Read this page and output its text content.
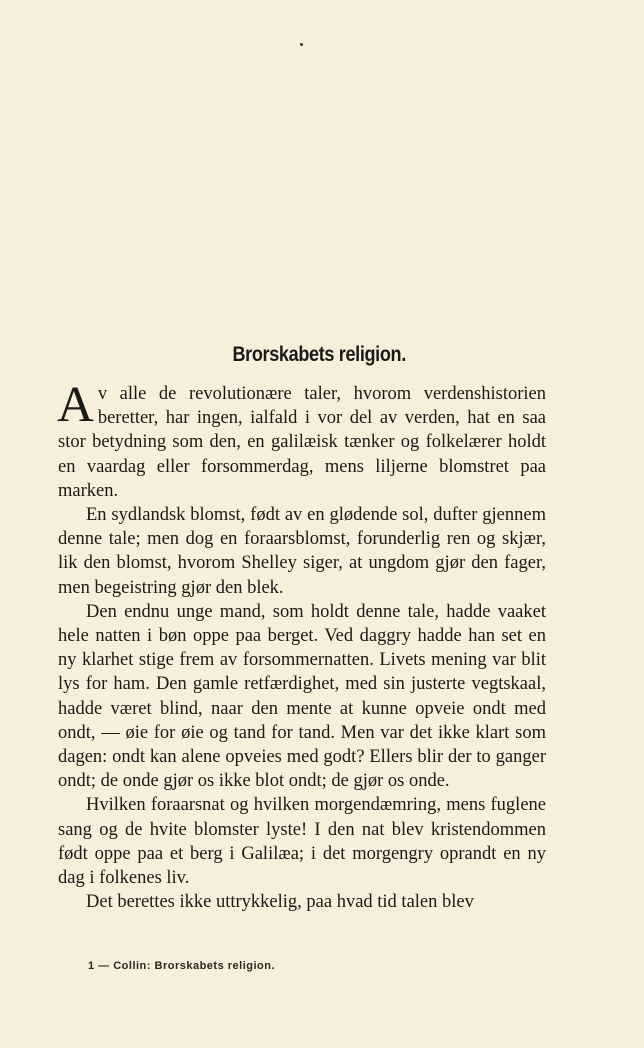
Brorskabets religion.

Av alle de revolutionære taler, hvorom verdenshistorien beretter, har ingen, ialfald i vor del av verden, hat en saa stor betydning som den, en galilæisk tænker og folkelærer holdt en vaardag eller forsommerdag, mens liljerne blomstret paa marken.

En sydlandsk blomst, født av en glødende sol, dufter gjennem denne tale; men dog en foraarsblomst, forunderlig ren og skjær, lik den blomst, hvorom Shelley siger, at ungdom gjør den fager, men begeistring gjør den blek.

Den endnu unge mand, som holdt denne tale, hadde vaaket hele natten i bøn oppe paa berget. Ved daggry hadde han set en ny klarhet stige frem av forsommernatten. Livets mening var blit lys for ham. Den gamle retfærdighet, med sin justerte vegtskaal, hadde været blind, naar den mente at kunne opveie ondt med ondt, — øie for øie og tand for tand. Men var det ikke klart som dagen: ondt kan alene opveies med godt? Ellers blir der to ganger ondt; de onde gjør os ikke blot ondt; de gjør os onde.

Hvilken foraarsnat og hvilken morgendæmring, mens fuglene sang og de hvite blomster lyste! I den nat blev kristendommen født oppe paa et berg i Galilæa; i det morgengry oprandt en ny dag i folkenes liv.

Det berettes ikke uttrykkelig, paa hvad tid talen blev

1 — Collin: Brorskabets religion.
